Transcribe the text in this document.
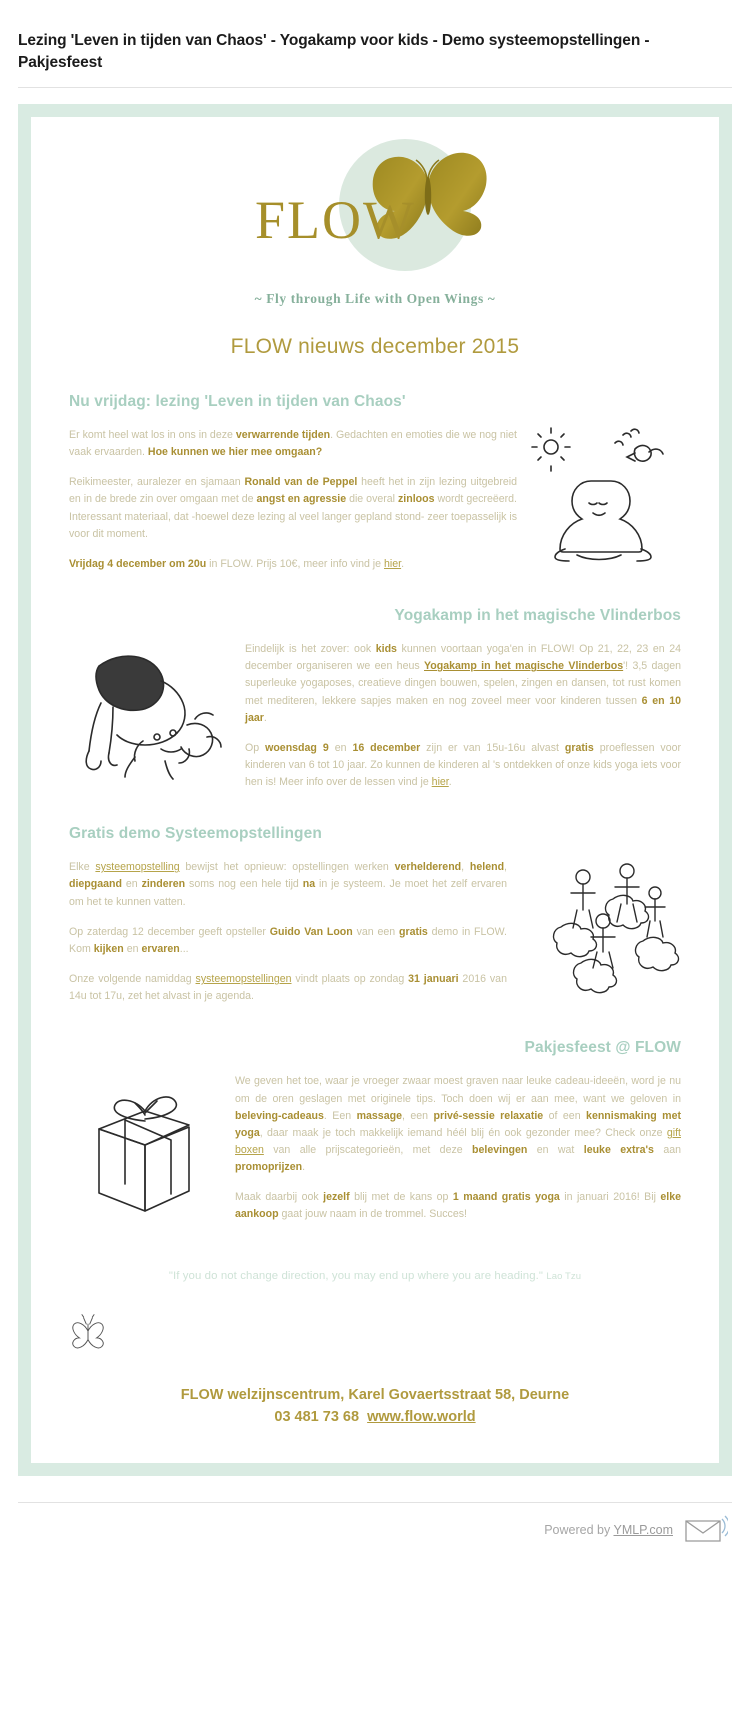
Lezing 'Leven in tijden van Chaos' - Yogakamp voor kids - Demo systeemopstellingen - Pakjesfeest
FLOW
~ Fly through Life with Open Wings ~
FLOW nieuws december 2015
Nu vrijdag: lezing 'Leven in tijden van Chaos'

Er komt heel wat los in ons in deze verwarrende tijden. Gedachten en emoties die we nog niet vaak ervaarden. Hoe kunnen we hier mee omgaan?

Reikimeester, auralezer en sjamaan Ronald van de Peppel heeft het in zijn lezing uitgebreid en in de brede zin over omgaan met de angst en agressie die overal zinloos wordt gecreëerd. Interessant materiaal, dat -hoewel deze lezing al veel langer gepland stond- zeer toepasselijk is voor dit moment.

Vrijdag 4 december om 20u in FLOW. Prijs 10€, meer info vind je hier.

Yogakamp in het magische Vlinderbos

Eindelijk is het zover: ook kids kunnen voortaan yoga'en in FLOW! Op 21, 22, 23 en 24 december organiseren we een heus Yogakamp in het magische Vlinderbos'! 3,5 dagen superleuke yogaposes, creatieve dingen bouwen, spelen, zingen en dansen, tot rust komen met mediteren, lekkere sapjes maken en nog zoveel meer voor kinderen tussen 6 en 10 jaar.

Op woensdag 9 en 16 december zijn er van 15u-16u alvast gratis proeflessen voor kinderen van 6 tot 10 jaar. Zo kunnen de kinderen al 's ontdekken of onze kids yoga iets voor hen is! Meer info over de lessen vind je hier.

Gratis demo Systeemopstellingen

Elke systeemopstelling bewijst het opnieuw: opstellingen werken verhelderend, helend, diepgaand en zinderen soms nog een hele tijd na in je systeem. Je moet het zelf ervaren om het te kunnen vatten.

Op zaterdag 12 december geeft opsteller Guido Van Loon van een gratis demo in FLOW. Kom kijken en ervaren...

Onze volgende namiddag systeemopstellingen vindt plaats op zondag 31 januari 2016 van 14u tot 17u, zet het alvast in je agenda.

Pakjesfeest @ FLOW

We geven het toe, waar je vroeger zwaar moest graven naar leuke cadeau-ideeën, word je nu om de oren geslagen met originele tips. Toch doen wij er aan mee, want we geloven in beleving-cadeaus. Een massage, een privé-sessie relaxatie of een kennismaking met yoga, daar maak je toch makkelijk iemand héél blij én ook gezonder mee? Check onze gift boxen van alle prijscategorieën, met deze belevingen en wat leuke extra's aan promoprijzen.

Maak daarbij ook jezelf blij met de kans op 1 maand gratis yoga in januari 2016! Bij elke aankoop gaat jouw naam in de trommel. Succes!

"If you do not change direction, you may end up where you are heading." Lao Tzu
FLOW welzijnscentrum, Karel Govaertsstraat 58, Deurne
03 481 73 68 www.flow.world
Powered by YMLP.com
